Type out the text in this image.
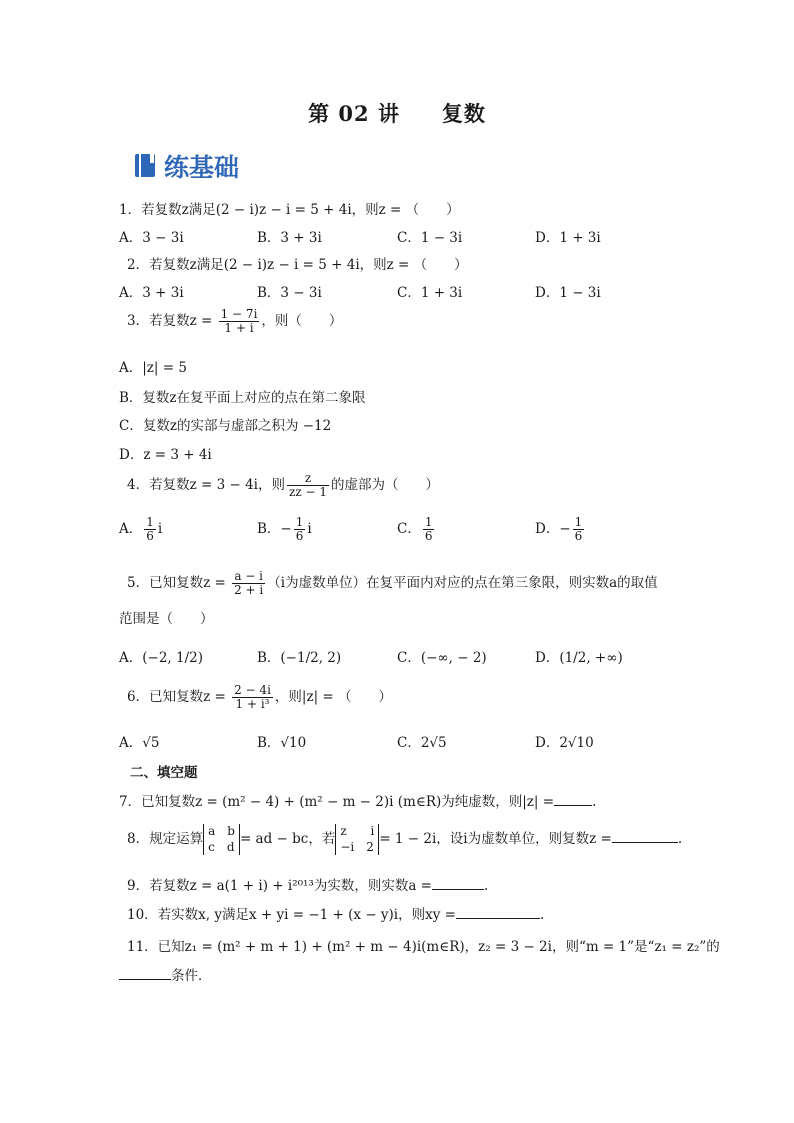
第 02 讲 复数
练基础
1．若复数z满足(2 − i)z − i = 5 + 4i，则z = （　　）
A．3 − 3i	B．3 + 3i	C．1 − 3i	D．1 + 3i
2．若复数z满足(2 − i)z − i = 5 + 4i，则z = （　　）
A．3 + 3i	B．3 − 3i	C．1 + 3i	D．1 − 3i
3．若复数$z = \frac{1 - 7i}{1 + i}$ ，则（　　）
A．|z| = 5
B．复数z在复平面上对应的点在第二象限
C．复数z的实部与虚部之积为 −12
D．z = 3 + 4i
4．若复数z = 3 − 4i，则 $\frac{z}{zz - 1}$ 的虚部为（　　）
A． $\frac{1}{6}$ i	B．− $\frac{1}{6}$ i	C． $\frac{1}{6}$	D．− $\frac{1}{6}$
5．已知复数$z = \frac{a - i}{2 + i} (i$为虚数单位）在复平面内对应的点在第三象限，则实数a的取值
范围是（　　）
A．(−2, 1/2)	B．(−1/2, 2)	C．(−∞, − 2)	D．(1/2, +∞)
6．已知复数$z = \frac{2 - 4i}{\text{1 + i³}}$ ，则|z| = （　　）
A．√5	B．√10	C．2√5	D．2√10
二、填空题
7．已知复数z = (m² − 4) + (m² − m − 2)i (m∈R)为纯虚数，则|z| =	.
8．规定运算
a　b
c　d = ad − bc，若
z　 i
−i　2 = 1 − 2i，设i为虚数单位，则复数z =	.
9．若复数z = a(1 + i) + i²⁰¹³为实数，则实数a =	.
10．若实数x, y满足x + yi = −1 + (x − y)i，则xy =	.
11．已知z₁ = (m² + m + 1) + (m² + m − 4)i(m∈R)，z₂ = 3 − 2i，则“m = 1”是“z₁ = z₂”的
条件．
